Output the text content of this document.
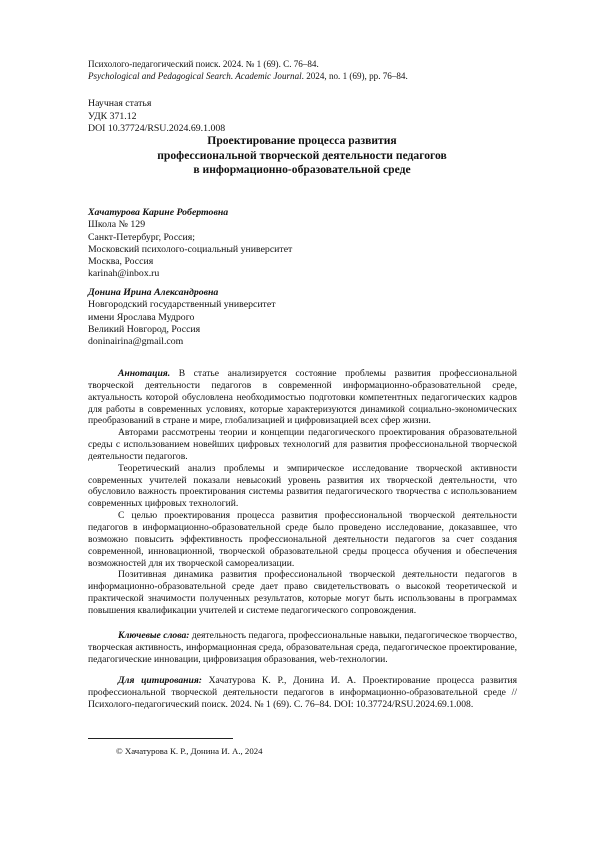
Психолого-педагогический поиск. 2024. № 1 (69). С. 76–84.
Psychological and Pedagogical Search. Academic Journal. 2024, no. 1 (69), pp. 76–84.
Научная статья
УДК 371.12
DOI 10.37724/RSU.2024.69.1.008
Проектирование процесса развития
профессиональной творческой деятельности педагогов
в информационно-образовательной среде
Хачатурова Карине Робертовна
Школа № 129
Санкт-Петербург, Россия;
Московский психолого-социальный университет
Москва, Россия
karinah@inbox.ru
Донина Ирина Александровна
Новгородский государственный университет
имени Ярослава Мудрого
Великий Новгород, Россия
doninairina@gmail.com

Аннотация. В статье анализируется состояние проблемы развития профессиональной творческой деятельности педагогов в современной информационно-образовательной среде, актуальность которой обусловлена необходимостью подготовки компетентных педагогических кадров для работы в современных условиях, которые характеризуются динамикой социально-экономических преобразований в стране и мире, глобализацией и цифровизацией всех сфер жизни.

Авторами рассмотрены теории и концепции педагогического проектирования образовательной среды с использованием новейших цифровых технологий для развития профессиональной творческой деятельности педагогов.

Теоретический анализ проблемы и эмпирическое исследование творческой активности современных учителей показали невысокий уровень развития их творческой деятельности, что обусловило важность проектирования системы развития педагогического творчества с использованием современных цифровых технологий.

С целью проектирования процесса развития профессиональной творческой деятельности педагогов в информационно-образовательной среде было проведено исследование, доказавшее, что возможно повысить эффективность профессиональной деятельности педагогов за счет создания современной, инновационной, творческой образовательной среды процесса обучения и обеспечения возможностей для их творческой самореализации.

Позитивная динамика развития профессиональной творческой деятельности педагогов в информационно-образовательной среде дает право свидетельствовать о высокой теоретической и практической значимости полученных результатов, которые могут быть использованы в программах повышения квалификации учителей и системе педагогического сопровождения.

Ключевые слова: деятельность педагога, профессиональные навыки, педагогическое творчество, творческая активность, информационная среда, образовательная среда, педагогическое проектирование, педагогические инновации, цифровизация образования, web-технологии.

Для цитирования: Хачатурова К. Р., Донина И. А. Проектирование процесса развития профессиональной творческой деятельности педагогов в информационно-образовательной среде // Психолого-педагогический поиск. 2024. № 1 (69). С. 76–84. DOI: 10.37724/RSU.2024.69.1.008.

© Хачатурова К. Р., Донина И. А., 2024
